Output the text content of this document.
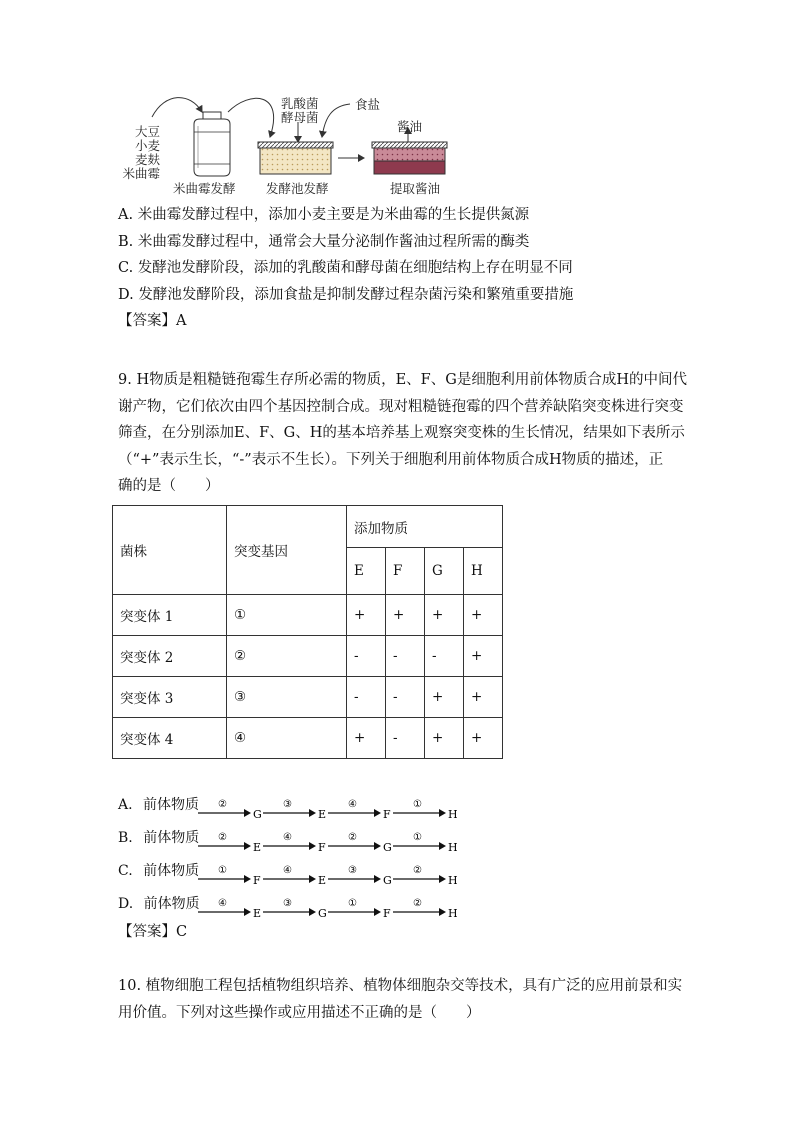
大豆
小麦
麦麸
米曲霉
乳酸菌
酵母菌
食盐
酱油
米曲霉发酵 发酵池发酵	提取酱油
A. 米曲霉发酵过程中，添加小麦主要是为米曲霉的生长提供氮源
B. 米曲霉发酵过程中，通常会大量分泌制作酱油过程所需的酶类
C. 发酵池发酵阶段，添加的乳酸菌和酵母菌在细胞结构上存在明显不同
D. 发酵池发酵阶段，添加食盐是抑制发酵过程杂菌污染和繁殖重要措施
【答案】A
9. H物质是粗糙链孢霉生存所必需的物质，E、F、G是细胞利用前体物质合成H的中间代
谢产物，它们依次由四个基因控制合成。现对粗糙链孢霉的四个营养缺陷突变株进行突变
筛查，在分别添加E、F、G、H的基本培养基上观察突变株的生长情况，结果如下表所示
（“+”表示生长，“-”表示不生长）。下列关于细胞利用前体物质合成H物质的描述，正
确的是（　　）
菌株	突变基因	添加物质			
		E	F	G	H
突变体 1	①	+	+	+	+
突变体 2	②	-	-	-	+
突变体 3	③	-	-	+	+
突变体 4	④	+	-	+	+
A. 前体物质 ②
G
③
E
④
F
①
H
B. 前体物质 ②
E
④
F
②
G
①
H
C. 前体物质 ①
F
④
E
③
G
②
H
D. 前体物质 ④
E
③
G
①
F
②
H
【答案】C
10. 植物细胞工程包括植物组织培养、植物体细胞杂交等技术，具有广泛的应用前景和实
用价值。下列对这些操作或应用描述不正确的是（　　）
